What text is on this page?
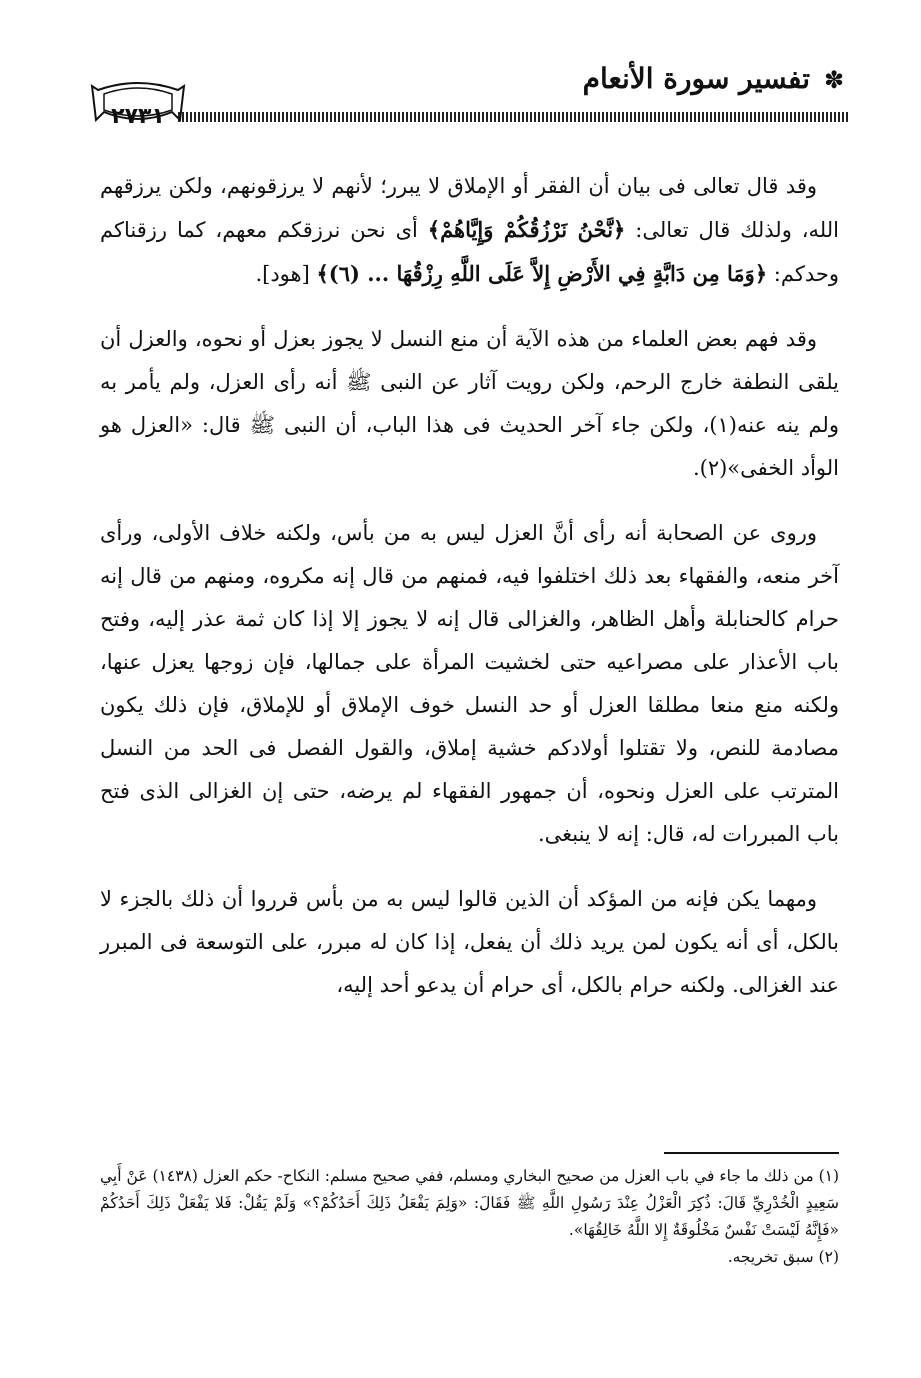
✽
تفسير سورة الأنعام
٢٧٣١

وقد قال تعالى فى بيان أن الفقر أو الإملاق لا يبرر؛ لأنهم لا يرزقونهم، ولكن يرزقهم الله، ولذلك قال تعالى: ﴿نَّحْنُ نَرْزُقُكُمْ وَإِيَّاهُمْ﴾ أى نحن نرزقكم معهم، كما رزقناكم وحدكم: ﴿وَمَا مِن دَابَّةٍ فِي الأَرْضِ إِلاَّ عَلَى اللَّهِ رِزْقُهَا ... (٦)﴾ [هود].

وقد فهم بعض العلماء من هذه الآية أن منع النسل لا يجوز بعزل أو نحوه، والعزل أن يلقى النطفة خارج الرحم، ولكن رويت آثار عن النبى ﷺ أنه رأى العزل، ولم يأمر به ولم ينه عنه(١)، ولكن جاء آخر الحديث فى هذا الباب، أن النبى ﷺ قال: «العزل هو الوأد الخفى»(٢).

وروى عن الصحابة أنه رأى أنَّ العزل ليس به من بأس، ولكنه خلاف الأولى، ورأى آخر منعه، والفقهاء بعد ذلك اختلفوا فيه، فمنهم من قال إنه مكروه، ومنهم من قال إنه حرام كالحنابلة وأهل الظاهر، والغزالى قال إنه لا يجوز إلا إذا كان ثمة عذر إليه، وفتح باب الأعذار على مصراعيه حتى لخشيت المرأة على جمالها، فإن زوجها يعزل عنها، ولكنه منع منعا مطلقا العزل أو حد النسل خوف الإملاق أو للإملاق، فإن ذلك يكون مصادمة للنص، ولا تقتلوا أولادكم خشية إملاق، والقول الفصل فى الحد من النسل المترتب على العزل ونحوه، أن جمهور الفقهاء لم يرضه، حتى إن الغزالى الذى فتح باب المبررات له، قال: إنه لا ينبغى.

ومهما يكن فإنه من المؤكد أن الذين قالوا ليس به من بأس قرروا أن ذلك بالجزء لا بالكل، أى أنه يكون لمن يريد ذلك أن يفعل، إذا كان له مبرر، على التوسعة فى المبرر عند الغزالى. ولكنه حرام بالكل، أى حرام أن يدعو أحد إليه،

(١) من ذلك ما جاء في باب العزل من صحيح البخاري ومسلم، ففي صحيح مسلم: النكاح- حكم العزل (١٤٣٨) عَنْ أَبِي سَعِيدٍ الْخُدْرِيِّ قَالَ: ذُكِرَ الْعَزْلُ عِنْدَ رَسُولِ اللَّهِ ﷺ فَقَالَ: «وَلِمَ يَفْعَلُ ذَلِكَ أَحَدُكُمْ؟» وَلَمْ يَقُلْ: فَلا يَفْعَلْ ذَلِكَ أَحَدُكُمْ «فَإِنَّهُ لَيْسَتْ نَفْسٌ مَخْلُوقَةٌ إِلا اللَّهُ خَالِقُهَا».

(٢) سبق تخريجه.
